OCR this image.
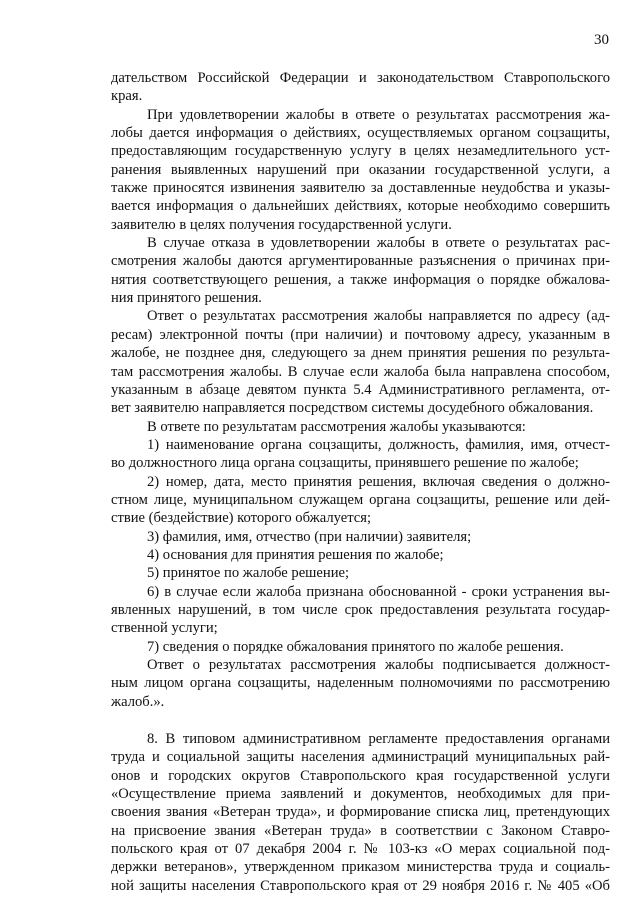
30
дательством Российской Федерации и законодательством Ставропольского
края.
При удовлетворении жалобы в ответе о результатах рассмотрения жа-
лобы дается информация о действиях, осуществляемых органом соцзащиты,
предоставляющим государственную услугу в целях незамедлительного уст-
ранения выявленных нарушений при оказании государственной услуги, а
также приносятся извинения заявителю за доставленные неудобства и указы-
вается информация о дальнейших действиях, которые необходимо совершить
заявителю в целях получения государственной услуги.
В случае отказа в удовлетворении жалобы в ответе о результатах рас-
смотрения жалобы даются аргументированные разъяснения о причинах при-
нятия соответствующего решения, а также информация о порядке обжалова-
ния принятого решения.
Ответ о результатах рассмотрения жалобы направляется по адресу (ад-
ресам) электронной почты (при наличии) и почтовому адресу, указанным в
жалобе, не позднее дня, следующего за днем принятия решения по результа-
там рассмотрения жалобы. В случае если жалоба была направлена способом,
указанным в абзаце девятом пункта 5.4 Административного регламента, от-
вет заявителю направляется посредством системы досудебного обжалования.
В ответе по результатам рассмотрения жалобы указываются:
1) наименование органа соцзащиты, должность, фамилия, имя, отчест-
во должностного лица органа соцзащиты, принявшего решение по жалобе;
2) номер, дата, место принятия решения, включая сведения о должно-
стном лице, муниципальном служащем органа соцзащиты, решение или дей-
ствие (бездействие) которого обжалуется;
3) фамилия, имя, отчество (при наличии) заявителя;
4) основания для принятия решения по жалобе;
5) принятое по жалобе решение;
6) в случае если жалоба признана обоснованной - сроки устранения вы-
явленных нарушений, в том числе срок предоставления результата государ-
ственной услуги;
7) сведения о порядке обжалования принятого по жалобе решения.
Ответ о результатах рассмотрения жалобы подписывается должност-
ным лицом органа соцзащиты, наделенным полномочиями по рассмотрению
жалоб.».
8. В типовом административном регламенте предоставления органами
труда и социальной защиты населения администраций муниципальных рай-
онов и городских округов Ставропольского края государственной услуги
«Осуществление приема заявлений и документов, необходимых для при-
своения звания «Ветеран труда», и формирование списка лиц, претендующих
на присвоение звания «Ветеран труда» в соответствии с Законом Ставро-
польского края от 07 декабря 2004 г. № 103-кз «О мерах социальной под-
держки ветеранов», утвержденном приказом министерства труда и социаль-
ной защиты населения Ставропольского края от 29 ноября 2016 г. № 405 «Об
